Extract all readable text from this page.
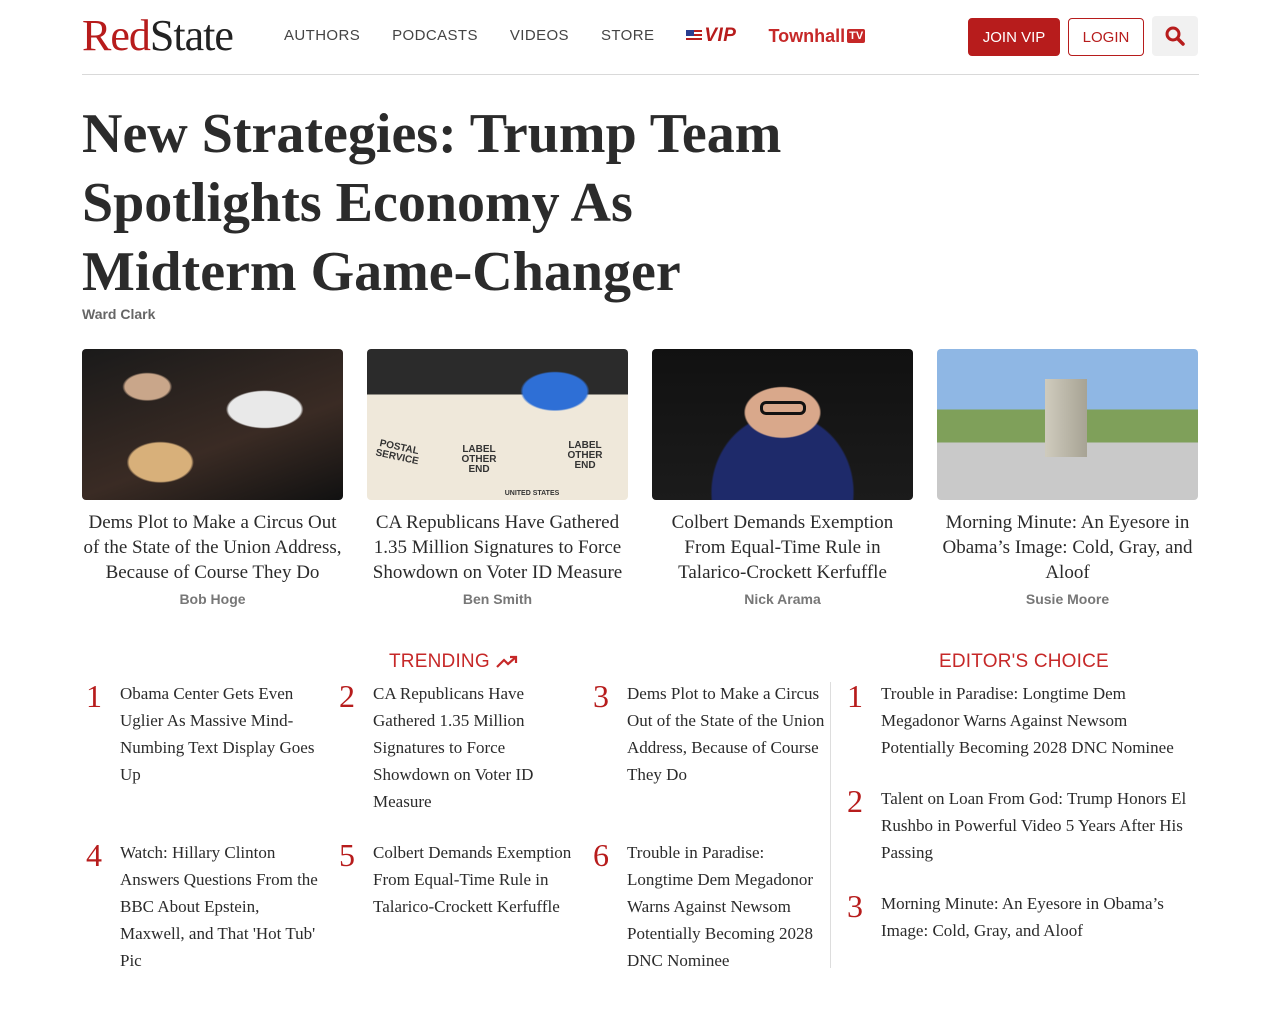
RedState	AUTHORS PODCASTS VIDEOS STORE	VIP Townhall TV	JOIN VIP	LOGIN
New Strategies: Trump Team Spotlights Economy As Midterm Game-Changer
Ward Clark
Dems Plot to Make a Circus Out of the State of the Union Address, Because of Course They Do
Bob Hoge
POSTAL SERVICE	LABEL OTHER END
LABEL OTHER END
UNITED STATES
CA Republicans Have Gathered 1.35 Million Signatures to Force Showdown on Voter ID Measure
Ben Smith
Colbert Demands Exemption From Equal-Time Rule in Talarico-Crockett Kerfuffle
Nick Arama
Morning Minute: An Eyesore in Obama’s Image: Cold, Gray, and Aloof
Susie Moore
TRENDING
1	Obama Center Gets Even Uglier As Massive Mind-Numbing Text Display Goes Up
2	CA Republicans Have Gathered 1.35 Million Signatures to Force Showdown on Voter ID Measure
3	Dems Plot to Make a Circus Out of the State of the Union Address, Because of Course They Do
4	Watch: Hillary Clinton Answers Questions From the BBC About Epstein, Maxwell, and That 'Hot Tub' Pic
5	Colbert Demands Exemption From Equal-Time Rule in Talarico-Crockett Kerfuffle
6	Trouble in Paradise: Longtime Dem Megadonor Warns Against Newsom Potentially Becoming 2028 DNC Nominee
EDITOR'S CHOICE
1	Trouble in Paradise: Longtime Dem Megadonor Warns Against Newsom Potentially Becoming 2028 DNC Nominee
2	Talent on Loan From God: Trump Honors El Rushbo in Powerful Video 5 Years After His Passing
3	Morning Minute: An Eyesore in Obama’s Image: Cold, Gray, and Aloof
